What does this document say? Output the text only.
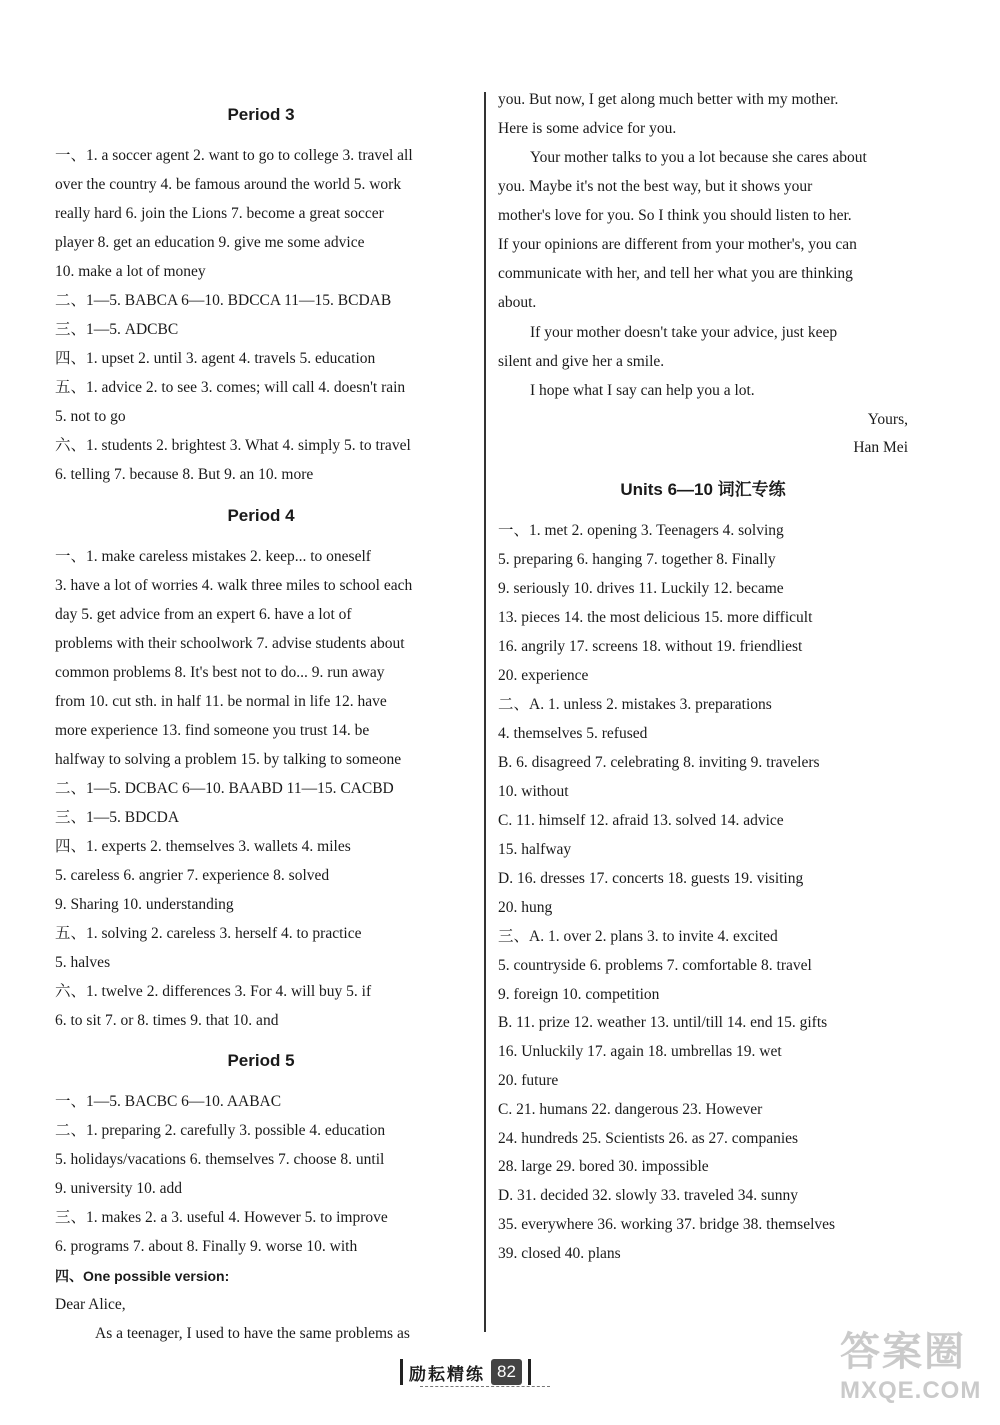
Period 3
一、1. a soccer agent 2. want to go to college 3. travel all
over the country 4. be famous around the world 5. work
really hard 6. join the Lions 7. become a great soccer
player 8. get an education 9. give me some advice
10. make a lot of money
二、1—5. BABCA 6—10. BDCCA 11—15. BCDAB
三、1—5. ADCBC
四、1. upset 2. until 3. agent 4. travels 5. education
五、1. advice 2. to see 3. comes; will call 4. doesn't rain
5. not to go
六、1. students 2. brightest 3. What 4. simply 5. to travel
6. telling 7. because 8. But 9. an 10. more
Period 4
一、1. make careless mistakes 2. keep... to oneself
3. have a lot of worries 4. walk three miles to school each
day 5. get advice from an expert 6. have a lot of
problems with their schoolwork 7. advise students about
common problems 8. It's best not to do... 9. run away
from 10. cut sth. in half 11. be normal in life 12. have
more experience 13. find someone you trust 14. be
halfway to solving a problem 15. by talking to someone
二、1—5. DCBAC 6—10. BAABD 11—15. CACBD
三、1—5. BDCDA
四、1. experts 2. themselves 3. wallets 4. miles
5. careless 6. angrier 7. experience 8. solved
9. Sharing 10. understanding
五、1. solving 2. careless 3. herself 4. to practice
5. halves
六、1. twelve 2. differences 3. For 4. will buy 5. if
6. to sit 7. or 8. times 9. that 10. and
Period 5
一、1—5. BACBC 6—10. AABAC
二、1. preparing 2. carefully 3. possible 4. education
5. holidays/vacations 6. themselves 7. choose 8. until
9. university 10. add
三、1. makes 2. a 3. useful 4. However 5. to improve
6. programs 7. about 8. Finally 9. worse 10. with
四、One possible version:
Dear Alice,
As a teenager, I used to have the same problems as
you. But now, I get along much better with my mother.
Here is some advice for you.
Your mother talks to you a lot because she cares about
you. Maybe it's not the best way, but it shows your
mother's love for you. So I think you should listen to her.
If your opinions are different from your mother's, you can
communicate with her, and tell her what you are thinking
about.
If your mother doesn't take your advice, just keep
silent and give her a smile.
I hope what I say can help you a lot.
Yours,
Han Mei
Units 6—10 词汇专练
一、1. met 2. opening 3. Teenagers 4. solving
5. preparing 6. hanging 7. together 8. Finally
9. seriously 10. drives 11. Luckily 12. became
13. pieces 14. the most delicious 15. more difficult
16. angrily 17. screens 18. without 19. friendliest
20. experience
二、A. 1. unless 2. mistakes 3. preparations
4. themselves 5. refused
B. 6. disagreed 7. celebrating 8. inviting 9. travelers
10. without
C. 11. himself 12. afraid 13. solved 14. advice
15. halfway
D. 16. dresses 17. concerts 18. guests 19. visiting
20. hung
三、A. 1. over 2. plans 3. to invite 4. excited
5. countryside 6. problems 7. comfortable 8. travel
9. foreign 10. competition
B. 11. prize 12. weather 13. until/till 14. end 15. gifts
16. Unluckily 17. again 18. umbrellas 19. wet
20. future
C. 21. humans 22. dangerous 23. However
24. hundreds 25. Scientists 26. as 27. companies
28. large 29. bored 30. impossible
D. 31. decided 32. slowly 33. traveled 34. sunny
35. everywhere 36. working 37. bridge 38. themselves
39. closed 40. plans
励耘精练 82	答案圈
MXQE.COM
